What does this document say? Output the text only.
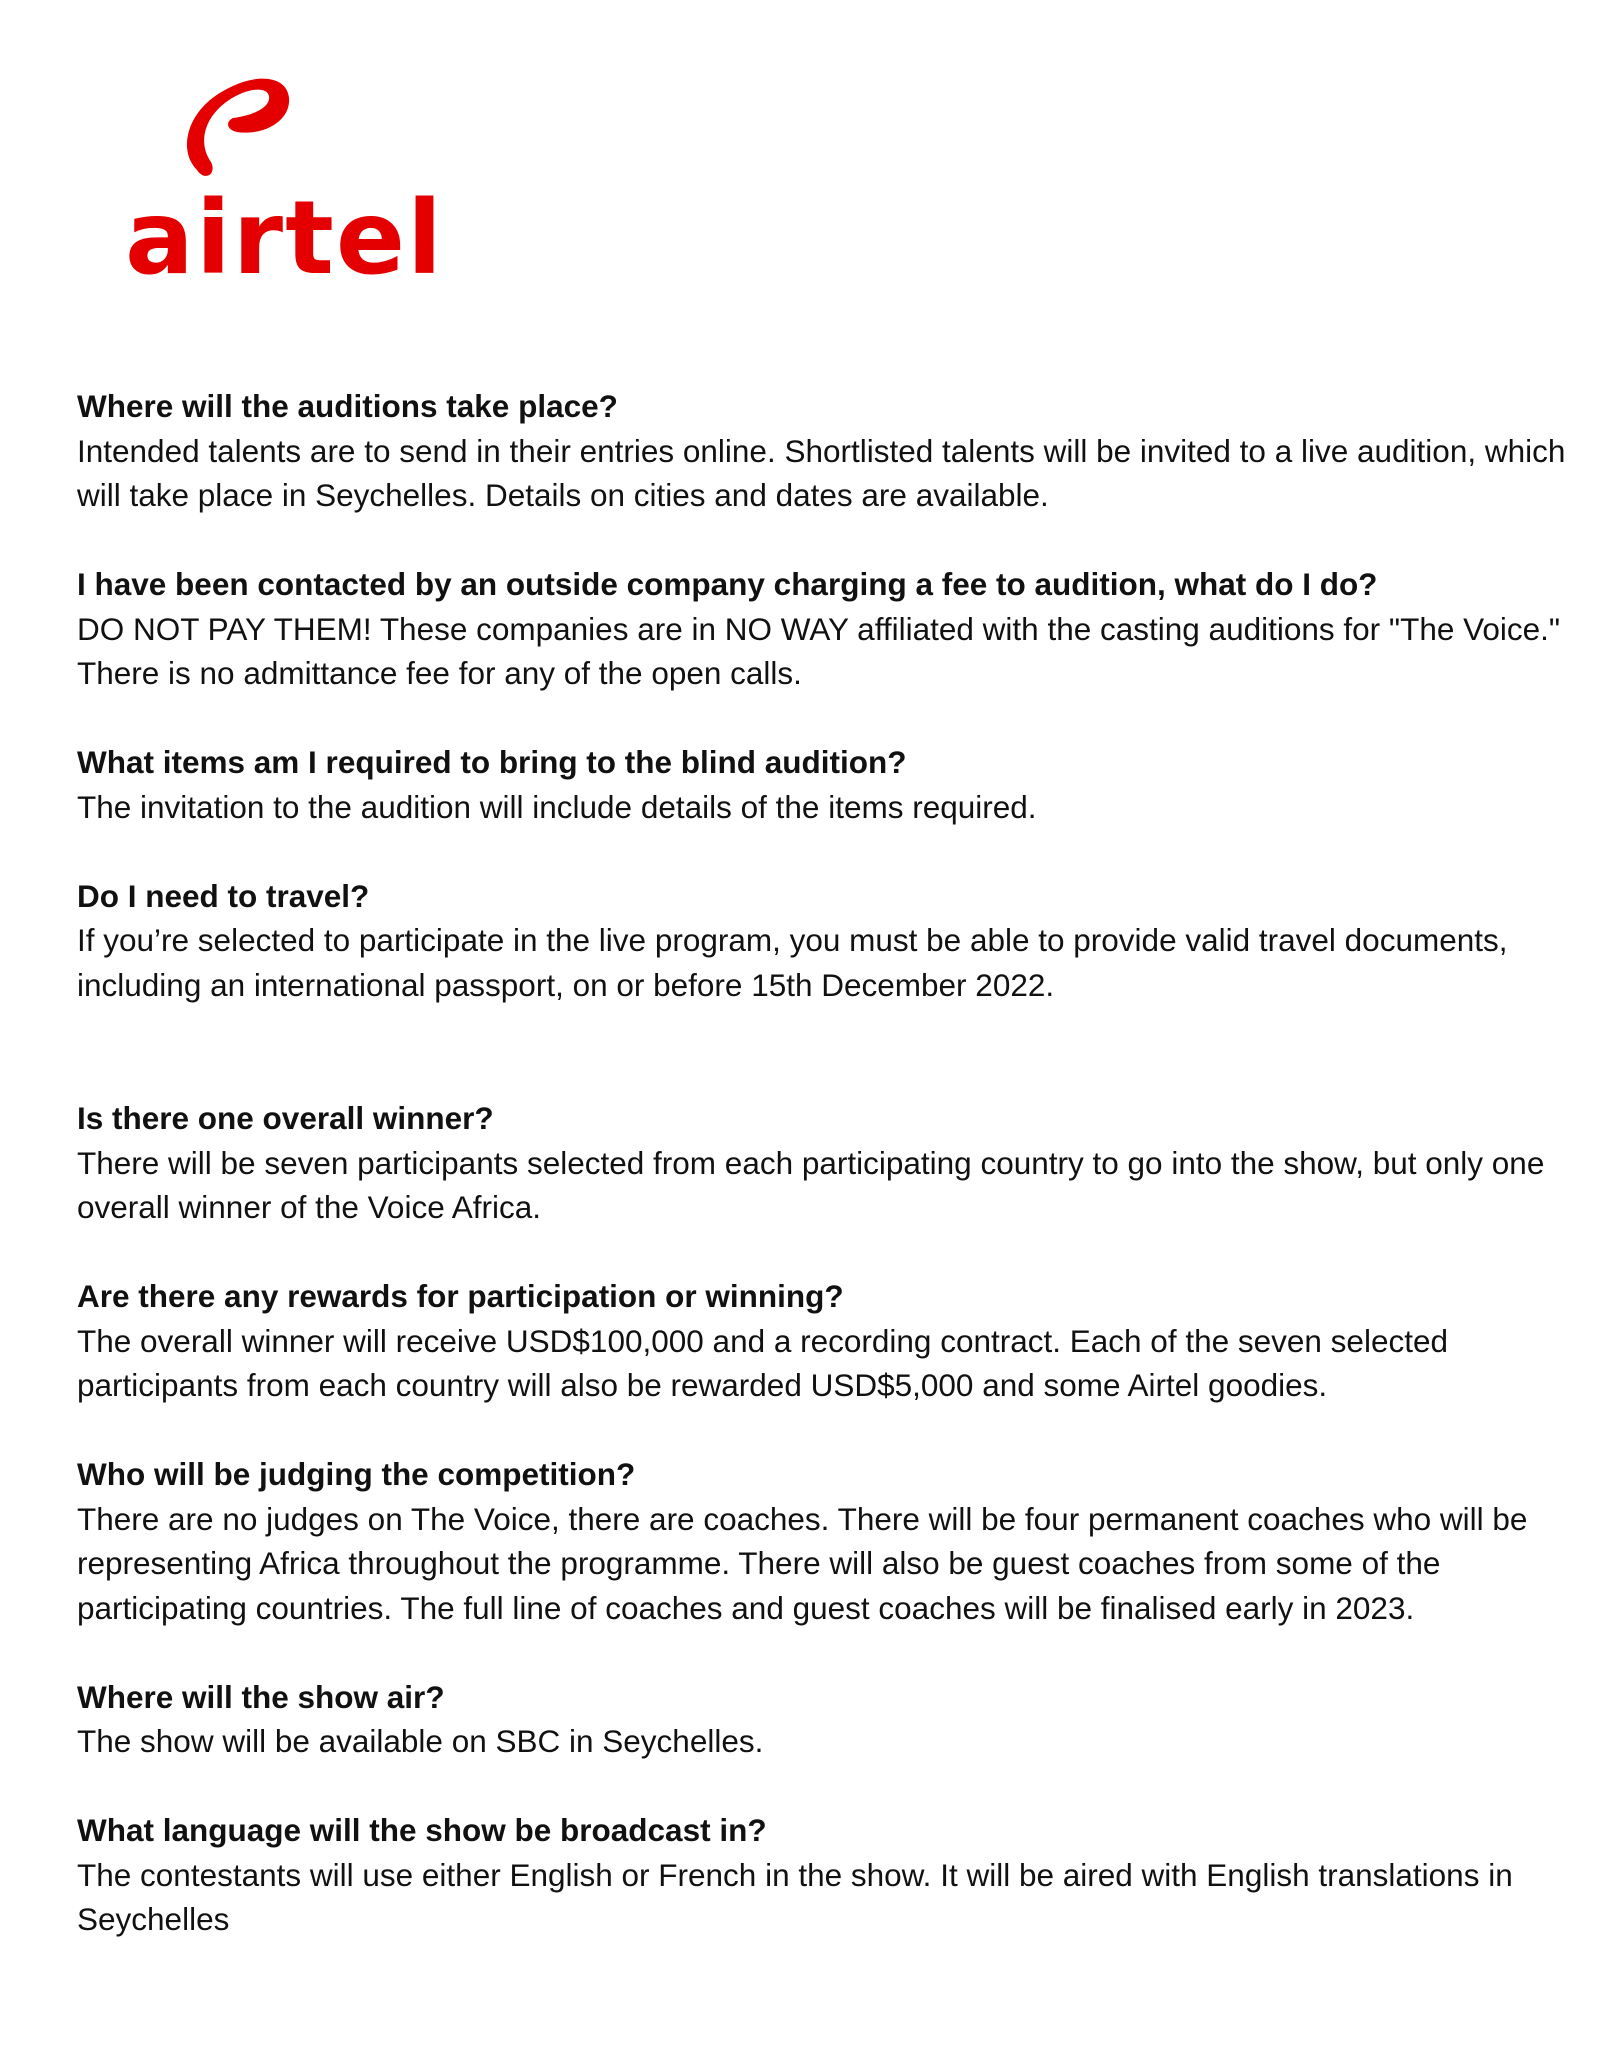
airtel
Where will the auditions take place?
Intended talents are to send in their entries online. Shortlisted talents will be invited to a live audition, which will take place in Seychelles. Details on cities and dates are available.
I have been contacted by an outside company charging a fee to audition, what do I do?
DO NOT PAY THEM! These companies are in NO WAY affiliated with the casting auditions for "The Voice." There is no admittance fee for any of the open calls.
What items am I required to bring to the blind audition?
The invitation to the audition will include details of the items required.
Do I need to travel?
If you’re selected to participate in the live program, you must be able to provide valid travel documents, including an international passport, on or before 15th December 2022.
Is there one overall winner?
There will be seven participants selected from each participating country to go into the show, but only one overall winner of the Voice Africa.
Are there any rewards for participation or winning?
The overall winner will receive USD$100,000 and a recording contract. Each of the seven selected participants from each country will also be rewarded USD$5,000 and some Airtel goodies.
Who will be judging the competition?
There are no judges on The Voice, there are coaches. There will be four permanent coaches who will be representing Africa throughout the programme. There will also be guest coaches from some of the participating countries. The full line of coaches and guest coaches will be finalised early in 2023.
Where will the show air?
The show will be available on SBC in Seychelles.
What language will the show be broadcast in?
The contestants will use either English or French in the show. It will be aired with English translations in Seychelles
